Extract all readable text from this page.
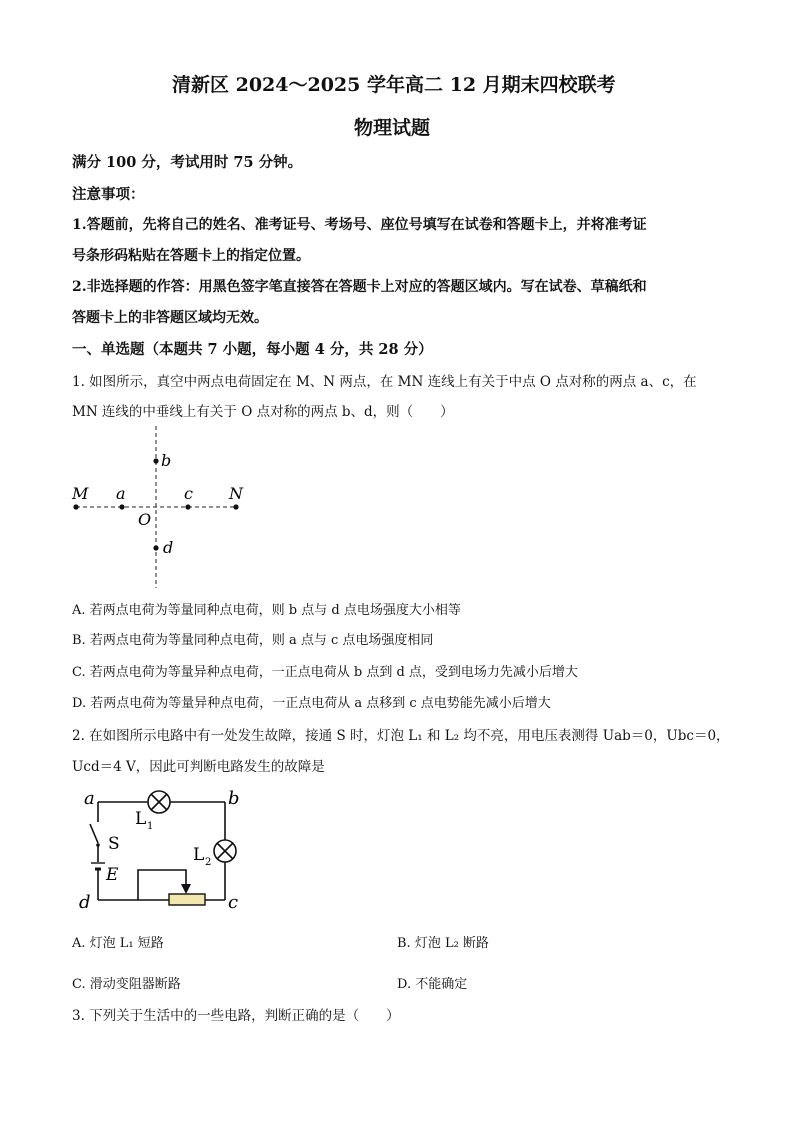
清新区 2024～2025 学年高二 12 月期末四校联考
物理试题
满分 100 分，考试用时 75 分钟。
注意事项：
1.答题前，先将自己的姓名、准考证号、考场号、座位号填写在试卷和答题卡上，并将准考证
号条形码粘贴在答题卡上的指定位置。
2.非选择题的作答：用黑色签字笔直接答在答题卡上对应的答题区域内。写在试卷、草稿纸和
答题卡上的非答题区域均无效。
一、单选题（本题共 7 小题，每小题 4 分，共 28 分）
1. 如图所示，真空中两点电荷固定在 M、N 两点，在 MN 连线上有关于中点 O 点对称的两点 a、c，在
MN 连线的中垂线上有关于 O 点对称的两点 b、d，则（　　）
M a	c N
O
b
d
A. 若两点电荷为等量同种点电荷，则 b 点与 d 点电场强度大小相等
B. 若两点电荷为等量同种点电荷，则 a 点与 c 点电场强度相同
C. 若两点电荷为等量异种点电荷，一正点电荷从 b 点到 d 点，受到电场力先减小后增大
D. 若两点电荷为等量异种点电荷，一正点电荷从 a 点移到 c 点电势能先减小后增大
2. 在如图所示电路中有一处发生故障，接通 S 时，灯泡 L₁ 和 L₂ 均不亮，用电压表测得 Uab＝0，Ubc＝0，
Ucd＝4 V，因此可判断电路发生的故障是
a	b
c
d
L 1
L 2
S
E
A. 灯泡 L₁ 短路	B. 灯泡 L₂ 断路
C. 滑动变阻器断路	D. 不能确定
3. 下列关于生活中的一些电路，判断正确的是（　　）
